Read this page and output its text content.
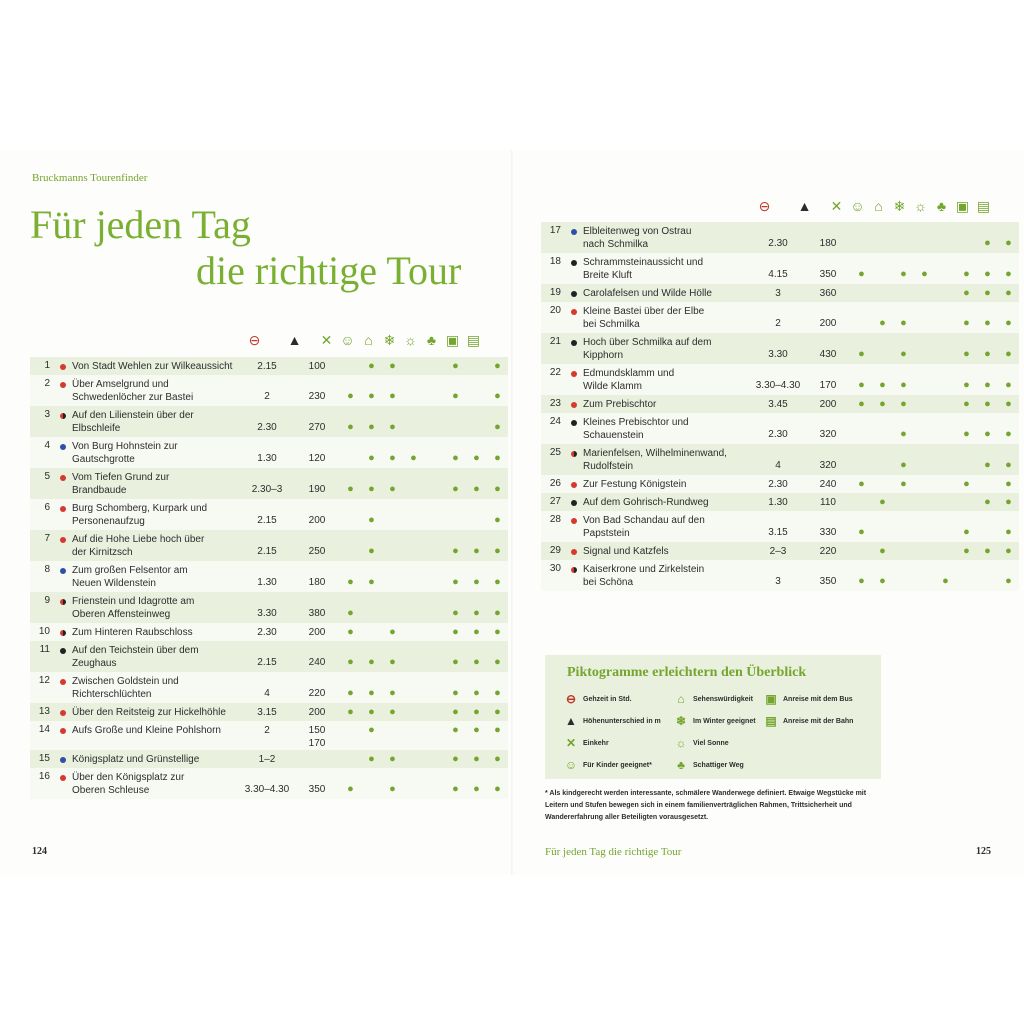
Bruckmanns Tourenfinder
Für jeden Tag
die richtige Tour
⊖ ▲ ✕ ☺ ⌂ ❄ ☼ ♣ ▣ ▤
⊖ ▲ ✕ ☺ ⌂ ❄ ☼ ♣ ▣ ▤
1		Von Stadt Wehlen zur Wilkeaussicht	2.15	100		●	●			●		●
2		Über Amselgrund und
Schwedenlöcher zur Bastei	2	230	●	●	●			●		●
3		Auf den Lilienstein über der
Elbschleife	2.30	270	●	●	●					●
4		Von Burg Hohnstein zur
Gautschgrotte	1.30	120		●	●	●		●	●	●
5		Vom Tiefen Grund zur
Brandbaude	2.30–3	190	●	●	●			●	●	●
6		Burg Schomberg, Kurpark und
Personenaufzug	2.15	200		●						●
7		Auf die Hohe Liebe hoch über
der Kirnitzsch	2.15	250		●				●	●	●
8		Zum großen Felsentor am
Neuen Wildenstein	1.30	180	●	●				●	●	●
9		Frienstein und Idagrotte am
Oberen Affensteinweg	3.30	380	●					●	●	●
10		Zum Hinteren Raubschloss	2.30	200	●		●			●	●	●
11		Auf den Teichstein über dem
Zeughaus	2.15	240	●	●	●			●	●	●
12		Zwischen Goldstein und
Richterschlüchten	4	220	●	●	●			●	●	●
13		Über den Reitsteig zur Hickelhöhle	3.15	200	●	●	●			●	●	●
14		Aufs Große und Kleine Pohlshorn	2	150
170		●				●	●	●
15		Königsplatz und Grünstellige	1–2			●	●			●	●	●
16		Über den Königsplatz zur
Oberen Schleuse	3.30–4.30	350	●		●			●	●	●
17		Elbleitenweg von Ostrau
nach Schmilka	2.30	180							●	●
18		Schrammsteinaussicht und
Breite Kluft	4.15	350	●		●	●		●	●	●
19		Carolafelsen und Wilde Hölle	3	360						●	●	●
20		Kleine Bastei über der Elbe
bei Schmilka	2	200		●	●			●	●	●
21		Hoch über Schmilka auf dem
Kipphorn	3.30	430	●		●			●	●	●
22		Edmundsklamm und
Wilde Klamm	3.30–4.30	170	●	●	●			●	●	●
23		Zum Prebischtor	3.45	200	●	●	●			●	●	●
24		Kleines Prebischtor und
Schauenstein	2.30	320			●			●	●	●
25		Marienfelsen, Wilhelminenwand,
Rudolfstein	4	320			●				●	●
26		Zur Festung Königstein	2.30	240	●		●			●		●
27		Auf dem Gohrisch-Rundweg	1.30	110		●					●	●
28		Von Bad Schandau auf den
Papststein	3.15	330	●					●		●
29		Signal und Katzfels	2–3	220		●				●	●	●
30		Kaiserkrone und Zirkelstein
bei Schöna	3	350	●	●			●			●
Piktogramme erleichtern den Überblick
⊖ Gehzeit in Std.
▲ Höhenunterschied in m
✕ Einkehr
☺ Für Kinder geeignet*
⌂ Sehenswürdigkeit
❄ Im Winter geeignet
☼ Viel Sonne
♣ Schattiger Weg
▣ Anreise mit dem Bus
▤ Anreise mit der Bahn
* Als kindgerecht werden interessante, schmälere Wanderwege definiert. Etwaige Wegstücke mit Leitern und Stufen bewegen sich in einem familienverträglichen Rahmen, Trittsicherheit und Wandererfahrung aller Beteiligten vorausgesetzt.
124	Für jeden Tag die richtige Tour	125
